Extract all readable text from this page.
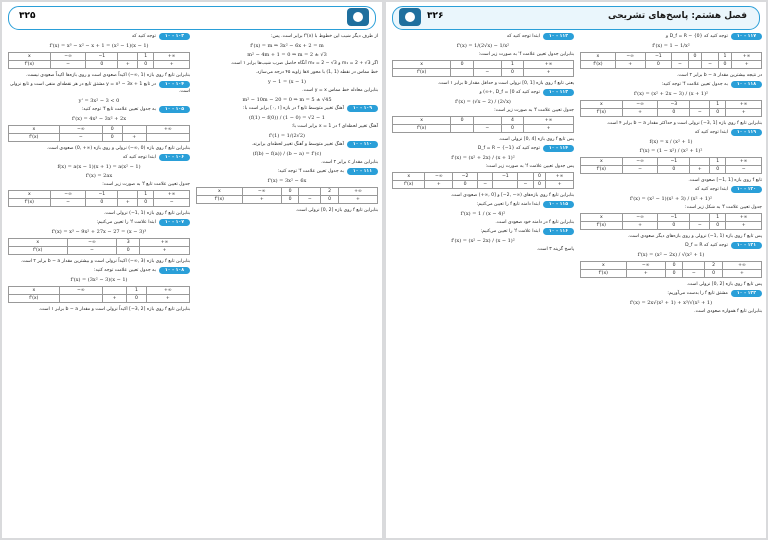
۳۲۵
۱۰ - ۱۰۳توجه کنید که
f'(x) = x³ − x² − x + 1 = (x² − 1)(x − 1)
x	−∞	−1		1	+∞
f'(x)	−	0	+	0	+
بنابراین تابع f روی بازه (1 ,∞−) اکیداً صعودی است و روی بازه‌ها اکیداً صعودی نیست.
۱۰ - ۱۰۴در تابع y = x³ − 3x + 1 مشتق تابع در هر نقطه‌ای منفی است و تابع نزولی است.
y' = 3x² − 3 < 0
۱۰ - ۱۰۵به جدول تعیین علامت تابع f' توجه کنید:
f'(x) = 4x³ − 3x² + 2x
x	−∞	0		+∞
f'(x)	−	0	+	
بنابراین تابع f روی بازه (0 ,∞−) نزولی و روی بازه (∞+ ,0) صعودی است.
۱۰ - ۱۰۶ابتدا توجه کنید که
f(x) = a(x − 1)(x + 1) = a(x² − 1)
f'(x) = 2ax
جدول تعیین علامت تابع f' به صورت زیر است:
x	−∞	−1		1	+∞
f'(x)	−	0	+	0	−
بنابراین تابع f روی بازه (1 ,1−) نزولی است.
۱۰ - ۱۰۷ابتدا علامت f' را تعیین می‌کنیم:
f'(x) = x³ − 9x² + 27x − 27 = (x − 3)³
x	−∞	3	+∞
f'(x)	−	0	+
بنابراین تابع f روی بازه (3 ,∞−) اکیداً نزولی است و بیشترین مقدار b − a برابر ۲ است.
۱۰ - ۱۰۸به جدول تعیین علامت توجه کنید:
f'(x) = (3x² − 3)(x − 1)
x	−∞		1	+∞
f'(x)		+	0	+
بنابراین تابع f روی بازه [2 ,3−] اکیداً نزولی است و مقدار b − a برابر ۱ است.
از طرف دیگر شیب این خطوط با f'(x) برابر است. پس:
f'(x) = m ⇒ 3x² − 6x + 2 = m
m² − 4m + 1 = 0 ⇒ m = 2 ± √3
اگر m₁ = 2 + √3 و m₂ = 2 − √3 آنگاه حاصل ضرب شیب‌ها برابر ۱ است.
خط مماس در نقطه (1 ,1) با محور xها زاویه ۴۵ درجه می‌سازد.
y − 1 = (x − 1)
بنابراین معادله خط مماس y = x است.
m² − 10m − 20 = 0 ⇒ m = 5 ± √45
۱۰ - ۱۰۹آهنگ تغییر متوسط تابع f در بازه [۱ ,۰] برابر است با:
(f(1) − f(0)) / (1 − 0) = √2 − 1
آهنگ تغییر لحظه‌ای f در x = 1 برابر است با:
f'(1) = 1/(2√2)
۱۰ - ۱۱۰آهنگ تغییر متوسط و آهنگ تغییر لحظه‌ای برابرند.
(f(b) − f(a)) / (b − a) = f'(c)
بنابراین مقدار c برابر ۲ است.
۱۰ - ۱۱۱به جدول تعیین علامت f' توجه کنید:
f'(x) = 3x² − 6x
x	−∞	0		2	+∞
f'(x)	+	0	−	0	+
بنابراین تابع f روی بازه [2 ,0] نزولی است.
۳۲۶	فصل هشتم: پاسخ‌های تشریحی
۱۰ - ۱۱۲ابتدا توجه کنید که
f'(x) = 1/(2√x) − 1/x²
بنابراین جدول تعیین علامت f' به صورت زیر است:
x	0		1	+∞
f'(x)		−	0	+
یعنی تابع f روی بازه [1 ,0] نزولی است و حداقل مقدار b برابر ۱ است.
۱۰ - ۱۱۳توجه کنید که D_f = [0 ,+∞) و
f'(x) = (√x − 2) / (2√x)
جدول تعیین علامت f' به صورت زیر است:
x	0		4	+∞
f'(x)		−	0	+
پس تابع f روی بازه [4 ,0] نزولی است.
۱۰ - ۱۱۴توجه کنید که D_f = R − {−1}
f'(x) = (x² + 2x) / (x + 1)²
پس جدول تعیین علامت f' به صورت زیر است:
x	−∞	−2		−1		0	+∞
f'(x)	+	0	−		−	0	+
بنابراین تابع f روی بازه‌های (∞− ,2−] و [0 ,∞+) صعودی است.
۱۰ - ۱۱۵ابتدا دامنه تابع f را تعیین می‌کنیم:
f'(x) = 1 / (x − 4)²
بنابراین تابع f در دامنه خود صعودی است.
۱۰ - ۱۱۶ابتدا علامت f' را تعیین می‌کنیم:
f'(x) = (x² − 2x) / (x − 1)²
پاسخ گزینه ۳ است.
۱۰ - ۱۱۷توجه کنید که D_f = R − {0} و
f'(x) = 1 − 1/x²
x	−∞	−1		0		1	+∞
f'(x)	+	0	−		−	0	+
در نتیجه بیشترین مقدار b − a برابر ۲ است.
۱۰ - ۱۱۸به جدول تعیین علامت f' توجه کنید:
f'(x) = (x² + 2x − 3) / (x + 1)²
x	−∞	−3		1	+∞
f'(x)	+	0	−	0	+
بنابراین تابع f روی بازه [1 ,3−] نزولی است و حداکثر مقدار b − a برابر ۴ است.
۱۰ - ۱۱۹ابتدا توجه کنید که
f(x) = x / (x² + 1)
f'(x) = (1 − x²) / (x² + 1)²
x	−∞	−1		1	+∞
f'(x)	−	0	+	0	−
تابع f روی بازه [1 ,1−] صعودی است.
۱۰ - ۱۲۰ابتدا توجه کنید که
f'(x) = (x² − 1)(x² + 3) / (x² + 1)²
جدول تعیین علامت f' به شکل زیر است:
x	−∞	−1		1	+∞
f'(x)	+	0	−	0	+
پس تابع f روی بازه (1 ,1−) نزولی و روی بازه‌های دیگر صعودی است.
۱۰ - ۱۲۱توجه کنید که D_f = R
f'(x) = (x² − 2x) / √(x² + 1)
x	−∞	0		2	+∞
f'(x)	+	0	−	0	+
پس تابع f روی بازه [2 ,0] نزولی است.
۱۰ - ۱۲۲مشتق تابع f را بدست می‌آوریم:
f'(x) = 2x√(x² + 1) + x³/√(x² + 1)
بنابراین تابع f همواره صعودی است.
